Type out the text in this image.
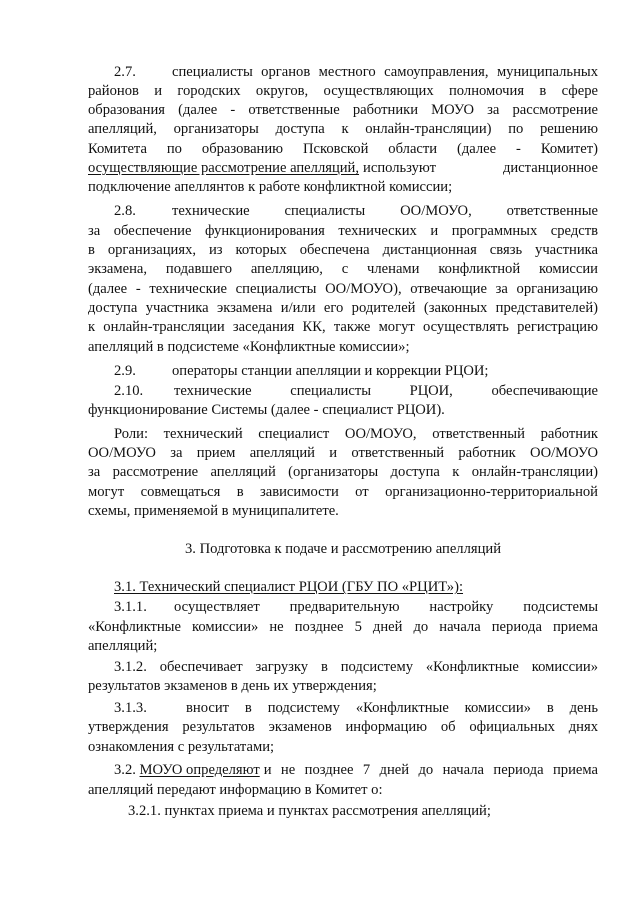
2.7. специалисты органов местного самоуправления, муниципальных
районов и городских округов, осуществляющих полномочия в сфере
образования (далее - ответственные работники МОУО за рассмотрение
апелляций, организаторы доступа к онлайн-трансляции) по решению
Комитета по образованию Псковской области (далее - Комитет)
осуществляющие рассмотрение апелляций, используют дистанционное
подключение апеллянтов к работе конфликтной комиссии;
2.8. технические специалисты ОО/МОУО, ответственные
за обеспечение функционирования технических и программных средств
в организациях, из которых обеспечена дистанционная связь участника
экзамена, подавшего апелляцию, с членами конфликтной комиссии
(далее - технические специалисты ОО/МОУО), отвечающие за организацию
доступа участника экзамена и/или его родителей (законных представителей)
к онлайн-трансляции заседания КК, также могут осуществлять регистрацию
апелляций в подсистеме «Конфликтные комиссии»;
2.9. операторы станции апелляции и коррекции РЦОИ;
2.10. технические специалисты РЦОИ, обеспечивающие
функционирование Системы (далее - специалист РЦОИ).
Роли: технический специалист ОО/МОУО, ответственный работник
ОО/МОУО за прием апелляций и ответственный работник ОО/МОУО
за рассмотрение апелляций (организаторы доступа к онлайн-трансляции)
могут совмещаться в зависимости от организационно-территориальной
схемы, применяемой в муниципалитете.
3. Подготовка к подаче и рассмотрению апелляций
3.1. Технический специалист РЦОИ (ГБУ ПО «РЦИТ»):
3.1.1. осуществляет предварительную настройку подсистемы
«Конфликтные комиссии» не позднее 5 дней до начала периода приема
апелляций;
3.1.2. обеспечивает загрузку в подсистему «Конфликтные комиссии»
результатов экзаменов в день их утверждения;
3.1.3.	вносит в подсистему «Конфликтные комиссии» в день
утверждения результатов экзаменов информацию об официальных днях
ознакомления с результатами;
3.2. МОУО определяют и не позднее 7 дней до начала периода приема
апелляций передают информацию в Комитет о:
3.2.1. пунктах приема и пунктах рассмотрения апелляций;
